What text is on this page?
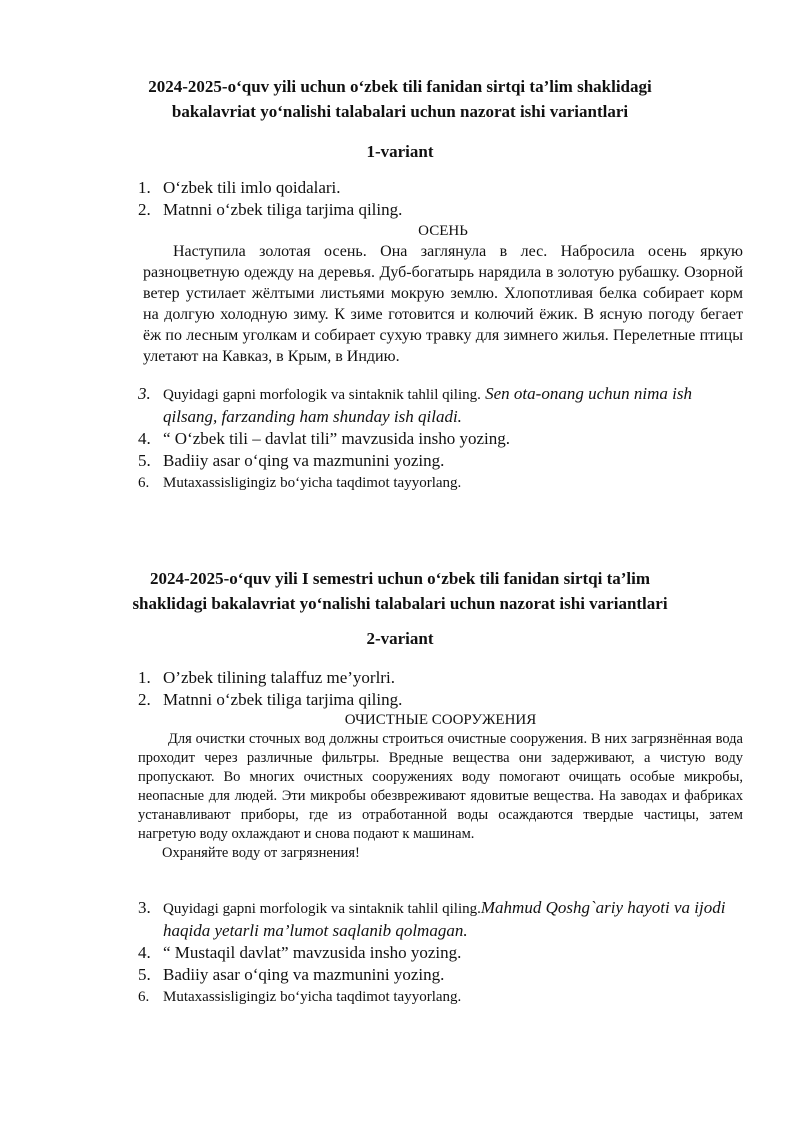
2024-2025-o‘quv yili uchun o‘zbek tili fanidan sirtqi ta’lim shaklidagi

bakalavriat yo‘nalishi talabalari uchun nazorat ishi variantlari

1-variant

1. O‘zbek tili imlo qoidalari.
2. Matnni o‘zbek tiliga tarjima qiling.

ОСЕНЬ

Наступила золотая осень. Она заглянула в лес. Набросила осень яркую разноцветную одежду на деревья. Дуб-богатырь нарядила в золотую рубашку. Озорной ветер устилает жёлтыми листьями мокрую землю. Хлопотливая белка собирает корм на долгую холодную зиму. К зиме готовится и колючий ёжик. В ясную погоду бегает ёж по лесным уголкам и собирает сухую травку для зимнего жилья. Перелетные птицы улетают на Кавказ, в Крым, в Индию.

3. Quyidagi gapni morfologik va sintaknik tahlil qiling. Sen ota-onang uchun nima ish qilsang, farzanding ham shunday ish qiladi.
4. “ O‘zbek tili – davlat tili” mavzusida insho yozing.
5. Badiiy asar o‘qing va mazmunini yozing.
6. Mutaxassisligingiz bo‘yicha taqdimot tayyorlang.

2024-2025-o‘quv yili I semestri uchun o‘zbek tili fanidan sirtqi ta’lim

shaklidagi bakalavriat yo‘nalishi talabalari uchun nazorat ishi variantlari

2-variant

1. O’zbek tilining talaffuz me’yorlri.
2. Matnni o‘zbek tiliga tarjima qiling.

ОЧИСТНЫЕ СООРУЖЕНИЯ

Для очистки сточных вод должны строиться очистные сооружения. В них загрязнённая вода проходит через различные фильтры. Вредные вещества они задерживают, а чистую воду пропускают. Во многих очистных сооружениях воду помогают очищать особые микробы, неопасные для людей. Эти микробы обезвреживают ядовитые вещества. На заводах и фабриках устанавливают приборы, где из отработанной воды осаждаются твердые частицы, затем нагретую воду охлаждают и снова подают к машинам.

Охраняйте воду от загрязнения!

3. Quyidagi gapni morfologik va sintaknik tahlil qiling.Mahmud Qoshg`ariy hayoti va ijodi haqida yetarli ma’lumot saqlanib qolmagan.
4. “ Mustaqil davlat” mavzusida insho yozing.
5. Badiiy asar o‘qing va mazmunini yozing.
6. Mutaxassisligingiz bo‘yicha taqdimot tayyorlang.
